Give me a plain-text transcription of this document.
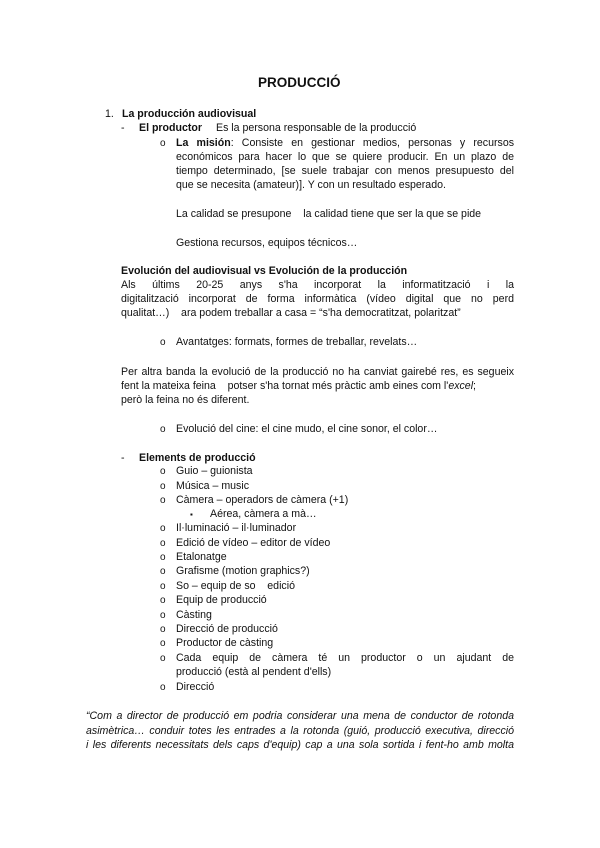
PRODUCCIÓ
1. La producción audiovisual
- El productor Es la persona responsable de la producció
o La misión: Consiste en gestionar medios, personas y recursos
económicos para hacer lo que se quiere producir. En un plazo de
tiempo determinado, [se suele trabajar con menos presupuesto del
que se necesita (amateur)]. Y con un resultado esperado.
La calidad se presupone    la calidad tiene que ser la que se pide
Gestiona recursos, equipos técnicos…
Evolución del audiovisual vs Evolución de la producción
Als últims 20-25 anys s'ha incorporat la informatització i la
digitalització incorporat de forma informàtica (vídeo digital que no perd
qualitat…)    ara podem treballar a casa = “s'ha democratitzat, polaritzat”
o Avantatges: formats, formes de treballar, revelats…
Per altra banda la evolució de la producció no ha canviat gairebé res, es segueix
fent la mateixa feina    potser s'ha tornat més pràctic amb eines com l'excel;
però la feina no és diferent.
o Evolució del cine: el cine mudo, el cine sonor, el color…
- Elements de producció
o Guio – guionista
o Música – music
o Càmera – operadors de càmera (+1)
▪ Aérea, càmera a mà…
o Il·luminació – il·luminador
o Edició de vídeo – editor de vídeo
o Etalonatge
o Grafisme (motion graphics?)
o So – equip de so    edició
o Equip de producció
o Càsting
o Direcció de producció
o Productor de càsting
o Cada equip de càmera té un productor o un ajudant de
producció (està al pendent d'ells)
o Direcció
“Com a director de producció em podria considerar una mena de conductor de rotonda
asimètrica… conduir totes les entrades a la rotonda (guió, producció executiva, direcció
i les diferents necessitats dels caps d'equip) cap a una sola sortida i fent-ho amb molta
